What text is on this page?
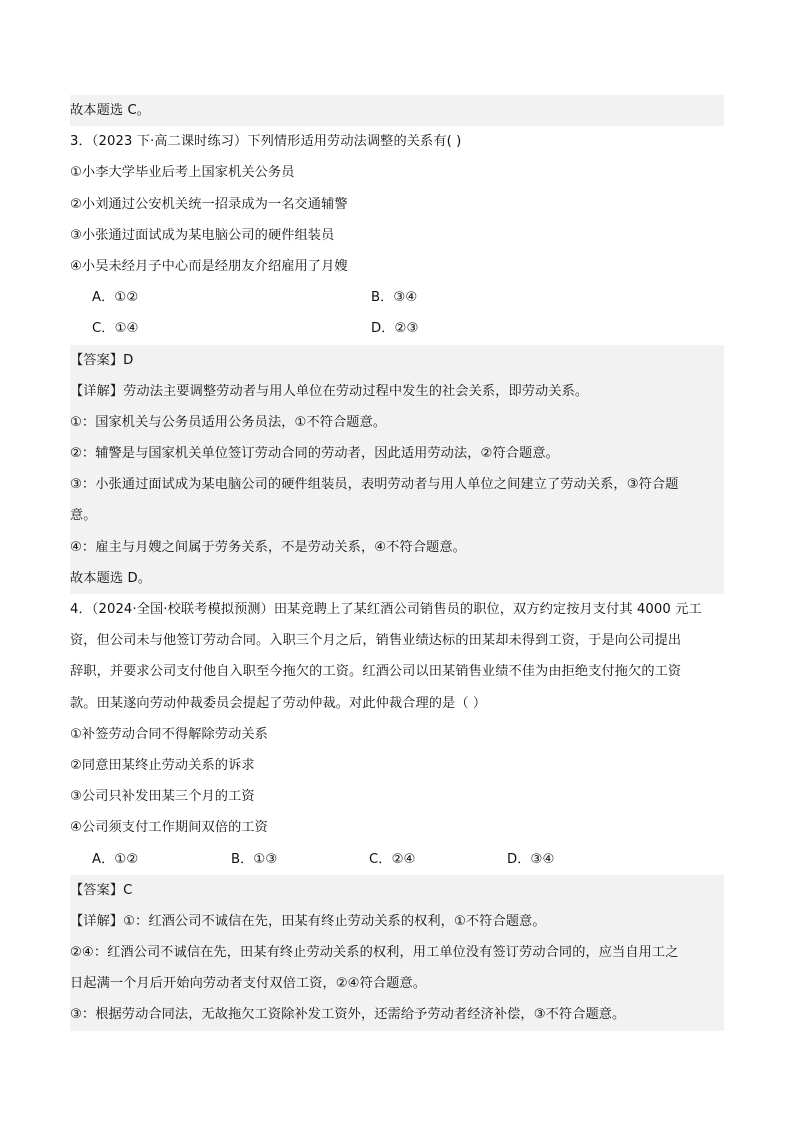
故本题选 C。
3．（2023 下·高二课时练习）下列情形适用劳动法调整的关系有( )
①小李大学毕业后考上国家机关公务员
②小刘通过公安机关统一招录成为一名交通辅警
③小张通过面试成为某电脑公司的硬件组装员
④小吴未经月子中心而是经朋友介绍雇用了月嫂
A．①②	B．③④
C．①④	D．②③
【答案】D
【详解】劳动法主要调整劳动者与用人单位在劳动过程中发生的社会关系，即劳动关系。
①：国家机关与公务员适用公务员法，①不符合题意。
②：辅警是与国家机关单位签订劳动合同的劳动者，因此适用劳动法，②符合题意。
③：小张通过面试成为某电脑公司的硬件组装员，表明劳动者与用人单位之间建立了劳动关系，③符合题
意。
④：雇主与月嫂之间属于劳务关系，不是劳动关系，④不符合题意。
故本题选 D。
4．（2024·全国·校联考模拟预测）田某竞聘上了某红酒公司销售员的职位，双方约定按月支付其 4000 元工
资，但公司未与他签订劳动合同。入职三个月之后，销售业绩达标的田某却未得到工资，于是向公司提出
辞职，并要求公司支付他自入职至今拖欠的工资。红酒公司以田某销售业绩不佳为由拒绝支付拖欠的工资
款。田某遂向劳动仲裁委员会提起了劳动仲裁。对此仲裁合理的是（ ）
①补签劳动合同不得解除劳动关系
②同意田某终止劳动关系的诉求
③公司只补发田某三个月的工资
④公司须支付工作期间双倍的工资
A．①②	B．①③	C．②④	D．③④
【答案】C
【详解】①：红酒公司不诚信在先，田某有终止劳动关系的权利，①不符合题意。
②④：红酒公司不诚信在先，田某有终止劳动关系的权利，用工单位没有签订劳动合同的，应当自用工之
日起满一个月后开始向劳动者支付双倍工资，②④符合题意。
③：根据劳动合同法，无故拖欠工资除补发工资外，还需给予劳动者经济补偿，③不符合题意。
